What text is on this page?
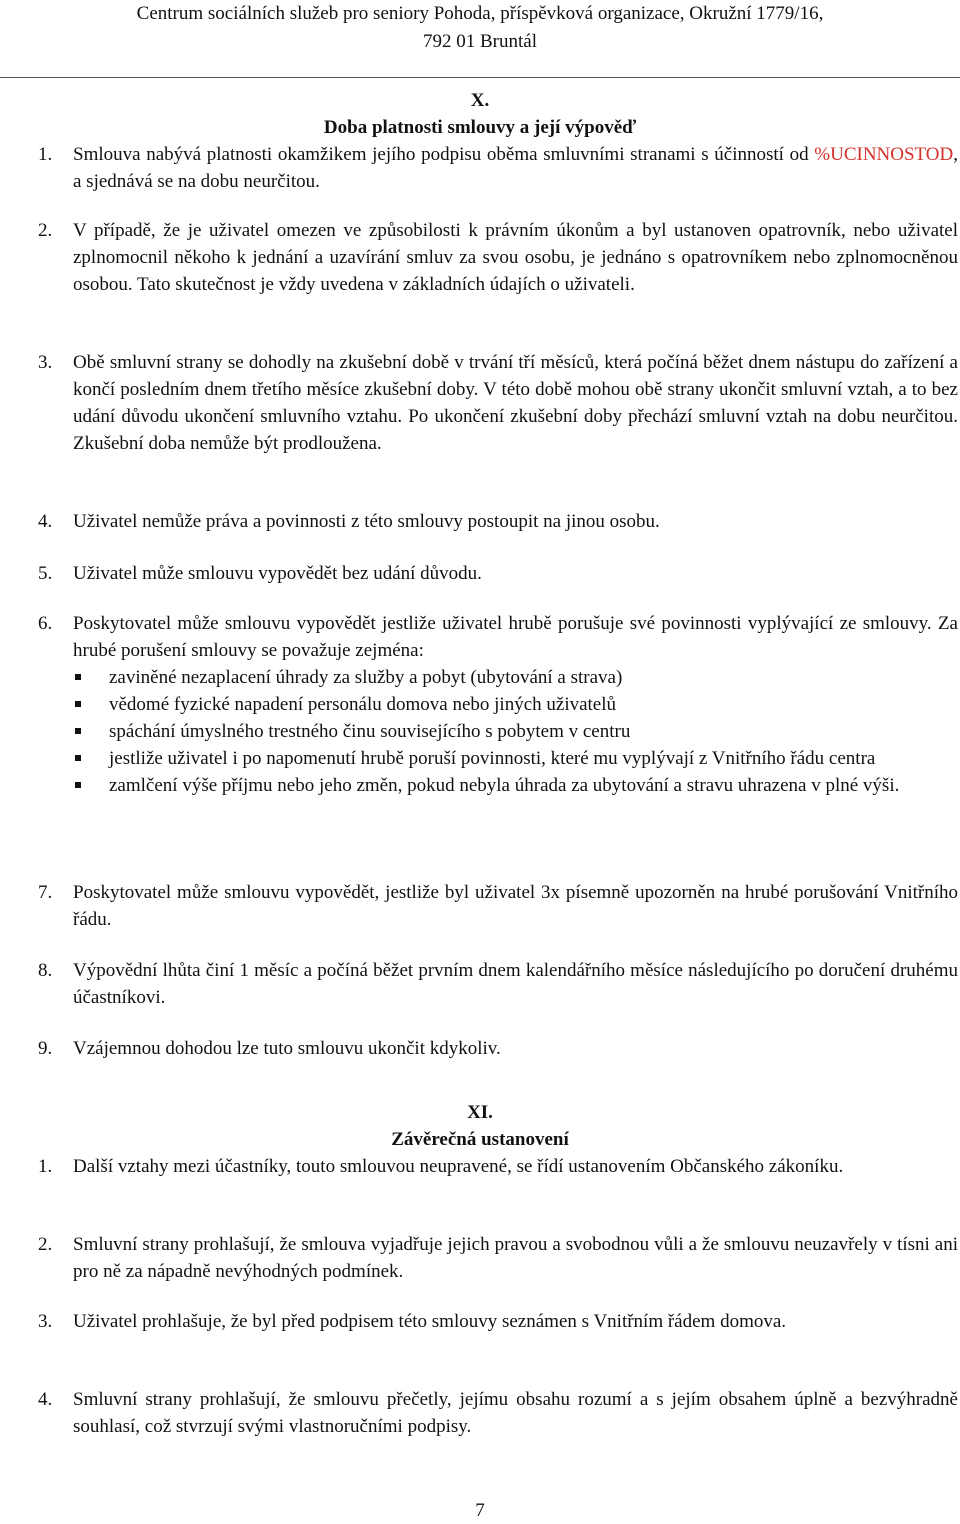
Centrum sociálních služeb pro seniory Pohoda, příspěvková organizace, Okružní 1779/16,
792 01 Bruntál
X.
Doba platnosti smlouvy a její výpověď
1.	Smlouva nabývá platnosti okamžikem jejího podpisu oběma smluvními stranami s účinností od %UCINNOSTOD, a sjednává se na dobu neurčitou.
2.	V případě, že je uživatel omezen ve způsobilosti k právním úkonům a byl ustanoven opatrovník, nebo uživatel zplnomocnil někoho k jednání a uzavírání smluv za svou osobu, je jednáno s opatrovníkem nebo zplnomocněnou osobou. Tato skutečnost je vždy uvedena v základních údajích o uživateli.
3.	Obě smluvní strany se dohodly na zkušební době v trvání tří měsíců, která počíná běžet dnem nástupu do zařízení a končí posledním dnem třetího měsíce zkušební doby. V této době mohou obě strany ukončit smluvní vztah, a to bez udání důvodu ukončení smluvního vztahu. Po ukončení zkušební doby přechází smluvní vztah na dobu neurčitou. Zkušební doba nemůže být prodloužena.
4.	Uživatel nemůže práva a povinnosti z této smlouvy postoupit na jinou osobu.
5.	Uživatel může smlouvu vypovědět bez udání důvodu.
6.	Poskytovatel může smlouvu vypovědět jestliže uživatel hrubě porušuje své povinnosti vyplývající ze smlouvy. Za hrubé porušení smlouvy se považuje zejména:
zaviněné nezaplacení úhrady za služby a pobyt (ubytování a strava)
vědomé fyzické napadení personálu domova nebo jiných uživatelů
spáchání úmyslného trestného činu souvisejícího s pobytem v centru
jestliže uživatel i po napomenutí hrubě poruší povinnosti, které mu vyplývají z Vnitřního řádu centra
zamlčení výše příjmu nebo jeho změn, pokud nebyla úhrada za ubytování a stravu uhrazena v plné výši.
7.	Poskytovatel může smlouvu vypovědět, jestliže byl uživatel 3x písemně upozorněn na hrubé porušování Vnitřního řádu.
8.	Výpovědní lhůta činí 1 měsíc a počíná běžet prvním dnem kalendářního měsíce následujícího po doručení druhému účastníkovi.
9.	Vzájemnou dohodou lze tuto smlouvu ukončit kdykoliv.
XI.
Závěrečná ustanovení
1.	Další vztahy mezi účastníky, touto smlouvou neupravené, se řídí ustanovením Občanského zákoníku.
2.	Smluvní strany prohlašují, že smlouva vyjadřuje jejich pravou a svobodnou vůli a že smlouvu neuzavřely v tísni ani pro ně za nápadně nevýhodných podmínek.
3.	Uživatel prohlašuje, že byl před podpisem této smlouvy seznámen s Vnitřním řádem domova.
4.	Smluvní strany prohlašují, že smlouvu přečetly, jejímu obsahu rozumí a s jejím obsahem úplně a bezvýhradně souhlasí, což stvrzují svými vlastnoručními podpisy.
7
